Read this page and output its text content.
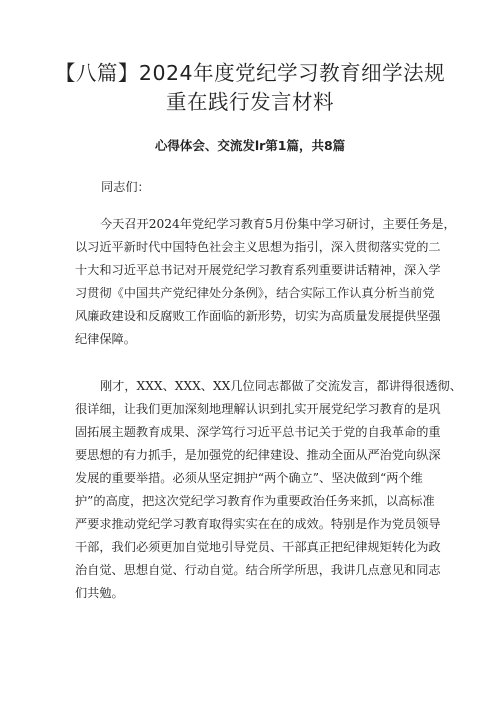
【八篇】2024年度党纪学习教育细学法规
重在践行发言材料
心得体会、交流发lr第1篇，共8篇
同志们：
今天召开2024年党纪学习教育5月份集中学习研讨，主要任务是，
以习近平新时代中国特色社会主义思想为指引，深入贯彻落实党的二
十大和习近平总书记对开展党纪学习教育系列重要讲话精神，深入学
习贯彻《中国共产党纪律处分条例》，结合实际工作认真分析当前党
风廉政建设和反腐败工作面临的新形势，切实为高质量发展提供坚强
纪律保障。
刚才，XXX、XXX、XX几位同志都做了交流发言，都讲得很透彻、
很详细，让我们更加深刻地理解认识到扎实开展党纪学习教育的是巩
固拓展主题教育成果、深学笃行习近平总书记关于党的自我革命的重
要思想的有力抓手，是加强党的纪律建设、推动全面从严治党向纵深
发展的重要举措。必须从坚定拥护“两个确立”、坚决做到“两个维
护”的高度，把这次党纪学习教育作为重要政治任务来抓，以高标准
严要求推动党纪学习教育取得实实在在的成效。特别是作为党员领导
干部，我们必须更加自觉地引导党员、干部真正把纪律规矩转化为政
治自觉、思想自觉、行动自觉。结合所学所思，我讲几点意见和同志
们共勉。
